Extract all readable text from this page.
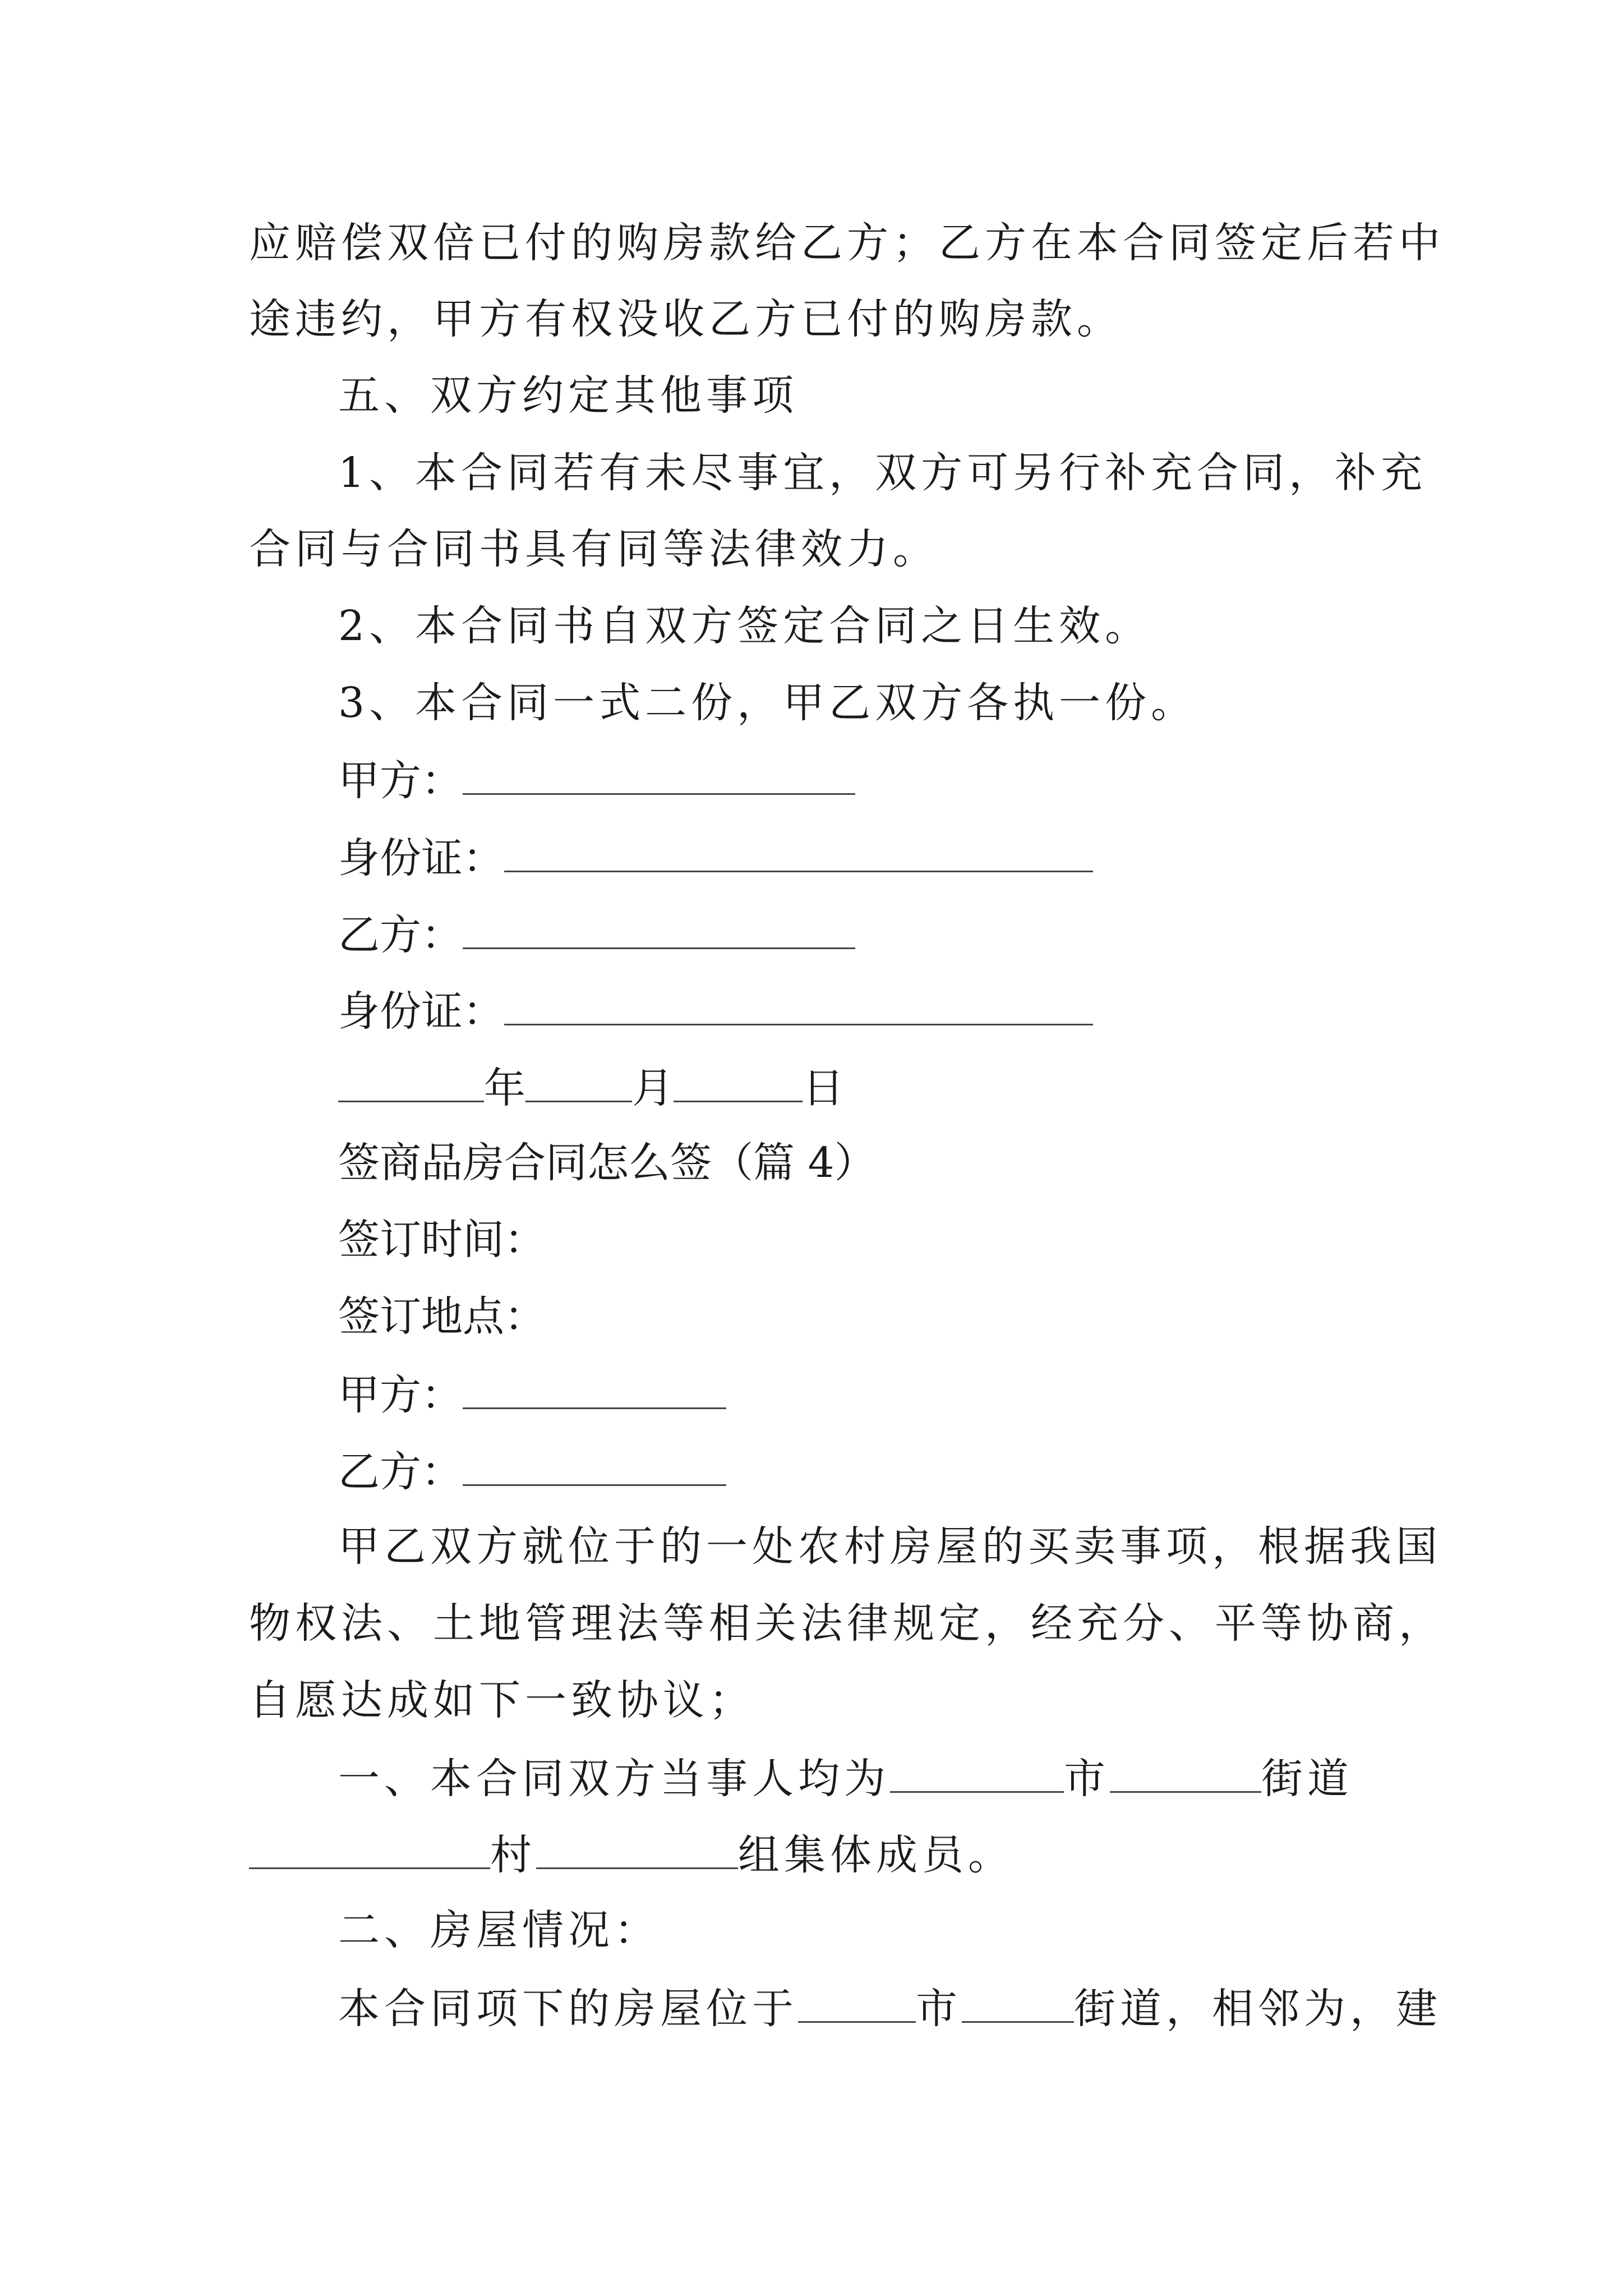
应赔偿双倍已付的购房款给乙方；乙方在本合同签定后若中
途违约，甲方有权没收乙方已付的购房款。
五、双方约定其他事项
1、本合同若有未尽事宜，双方可另行补充合同，补充
合同与合同书具有同等法律效力。
2、本合同书自双方签定合同之日生效。
3、本合同一式二份，甲乙双方各执一份。
甲方：
身份证：
乙方：
身份证：
年	月	日
签商品房合同怎么签（篇 4）
签订时间：
签订地点：
甲方：
乙方：
甲乙双方就位于的一处农村房屋的买卖事项，根据我国
物权法、土地管理法等相关法律规定，经充分、平等协商，
自愿达成如下一致协议；
一、本合同双方当事人均为	市	街道
村	组集体成员。
二、房屋情况：
本合同项下的房屋位于	市	街道，相邻为，建
